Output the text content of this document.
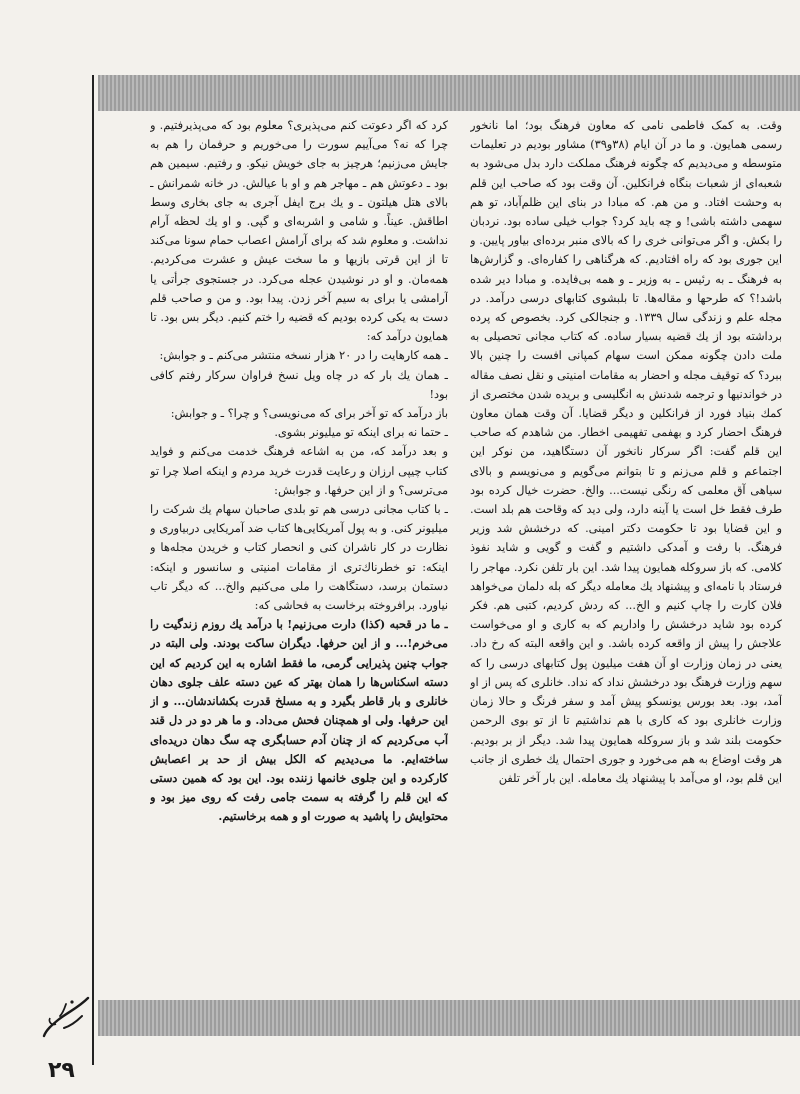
وقت. به کمک فاطمی نامی که معاون فرهنگ بود؛ اما نانخور رسمی همایون. و ما در آن ایام (۳۸و۳۹) مشاور بودیم در تعلیمات متوسطه و می‌دیدیم که چگونه فرهنگ مملکت دارد بدل می‌شود به شعبه‌ای از شعبات بنگاه فرانکلین. آن وقت بود که صاحب این قلم به وحشت افتاد. و من هم. که مبادا در بنای این ظلم‌آباد، تو هم سهمی داشته باشی! و چه باید کرد؟ جواب خیلی ساده بود. نردبان را بکش. و اگر می‌توانی خری را که بالای منبر برده‌ای بیاور پایین. و این جوری بود که راه افتادیم. که هرگناهی را کفاره‌ای. و گزارش‌ها به فرهنگ ـ به رئیس ـ به وزیر ـ و همه بی‌فایده. و مبادا دیر شده باشد!؟ که طرحها و مقاله‌ها. تا بلبشوی کتابهای درسی درآمد. در مجله علم و زندگی سال ۱۳۳۹. و جنجالکی کرد. بخصوص که پرده برداشته بود از یك قضیه بسیار ساده. که کتاب مجانی تحصیلی به ملت دادن چگونه ممکن است سهام کمپانی افست را چنین بالا ببرد؟ که توقیف مجله و احضار به مقامات امنیتی و نقل نصف مقاله در خواندنیها و ترجمه شدنش به انگلیسی و بریده شدن مختصری از کمك بنیاد فورد از فرانکلین و دیگر قضایا. آن وقت همان معاون فرهنگ احضار کرد و بهفمی تفهیمی اخطار. من شاهدم که صاحب این قلم گفت: اگر سرکار نانخور آن دستگاهید، من نوکر این اجتماعم و قلم می‌زنم و تا بتوانم می‌گویم و می‌نویسم و بالای سیاهی آق معلمی که رنگی نیست... والخ. حضرت خیال کرده بود طرف فقط خل است یا آینه دارد، ولی دید که وقاحت هم بلد است. و این قضایا بود تا حکومت دکتر امینی. که درخشش شد وزیر فرهنگ. با رفت و آمدکی داشتیم و گفت و گویی و شاید نفوذ کلامی. که باز سروکله همایون پیدا شد. این بار تلفن نکرد. مهاجر را فرستاد با نامه‌ای و پیشنهاد یك معامله دیگر که بله دلمان می‌خواهد فلان کارت را چاپ کنیم و الخ... که ردش کردیم، کتبی هم. فکر کرده بود شاید درخشش را واداریم که به کاری و او می‌خواست علاجش را پیش از واقعه کرده باشد. و این واقعه البته که رخ داد. یعنی در زمان وزارت او آن هفت میلیون پول کتابهای درسی را که سهم وزارت فرهنگ بود درخشش نداد که نداد. خانلری که پس از او آمد، بود. بعد بورس یونسکو پیش آمد و سفر فرنگ و حالا زمان وزارت خانلری بود که کاری با هم نداشتیم تا از تو بوی الرحمن حکومت بلند شد و باز سروکله همایون پیدا شد. دیگر از بر بودیم. هر وقت اوضاع به هم می‌خورد و جوری احتمال یك خطری از جانب این قلم بود، او می‌آمد با پیشنهاد یك معامله. این بار آخر تلفن

کرد که اگر دعوتت کنم می‌پذیری؟ معلوم بود که می‌پذیرفتیم. و چرا که نه؟ می‌آییم سورت را می‌خوریم و حرفمان را هم به جایش می‌زنیم؛ هرچیز به جای خویش نیکو. و رفتیم. سیمین هم بود ـ دعوتش هم ـ مهاجر هم و او با عیالش. در خانه شمرانش ـ بالای هتل هیلتون ـ و یك برج ایفل آجری به جای بخاری وسط اطاقش. عیناً. و شامی و اشربه‌ای و گپی. و او یك لحظه آرام نداشت. و معلوم شد که برای آرامش اعصاب حمام سونا می‌کند تا از این قرتی بازیها و ما سخت عیش و عشرت می‌کردیم. همه‌مان. و او در نوشیدن عجله می‌کرد. در جستجوی جرأتی یا آرامشی یا برای به سیم آخر زدن. پیدا بود. و من و صاحب قلم دست به یکی کرده بودیم که قضیه را ختم کنیم. دیگر بس بود. تا همایون درآمد که:

ـ همه کارهایت را در ۲۰ هزار نسخه منتشر می‌کنم ـ و جوابش:

ـ همان یك بار که در چاه ویل نسخ فراوان سرکار رفتم کافی بود!

باز درآمد که تو آخر برای که می‌نویسی؟ و چرا؟ ـ و جوابش:

ـ حتما نه برای اینکه تو میلیونر بشوی.

و بعد درآمد که، من به اشاعه فرهنگ خدمت می‌کنم و فواید کتاب چیپی ارزان و رعایت قدرت خرید مردم و اینکه اصلا چرا تو می‌ترسی؟ و از این حرفها. و جوابش:

ـ با کتاب مجانی درسی هم تو بلدی صاحبان سهام یك شرکت را میلیونر کنی. و به پول آمریکایی‌ها کتاب ضد آمریکایی دربیاوری و نظارت در کار ناشران کنی و انحصار کتاب و خریدن مجله‌ها و اینکه: تو خطرناك‌تری از مقامات امنیتی و سانسور و اینکه: دستمان برسد، دستگاهت را ملی می‌کنیم والخ... که دیگر تاب نیاورد. برافروخته برخاست به فحاشی که:

ـ ما در قحبه (کذا) دارت می‌زنیم! با درآمد یك روزم زندگیت را می‌خرم!... و از این حرفها. دیگران ساکت بودند. ولی البته در جواب چنین پذیرایی گرمی، ما فقط اشاره به این کردیم که این دسته اسکناس‌ها را همان بهتر که عین دسته علف جلوی دهان خانلری و بار قاطر بگیرد و به مسلخ قدرت بکشاندشان... و از این حرفها. ولی او همچنان فحش می‌داد. و ما هر دو در دل قند آب می‌کردیم که از چنان آدم حسابگری چه سگ دهان دریده‌ای ساخته‌ایم. ما می‌دیدیم که الکل بیش از حد بر اعصابش کارکرده و این جلوی خانمها زننده بود. این بود که همین دستی که این قلم را گرفته به سمت جامی رفت که روی میز بود و محتوایش را پاشید به صورت او و همه برخاستیم.

۲۹
